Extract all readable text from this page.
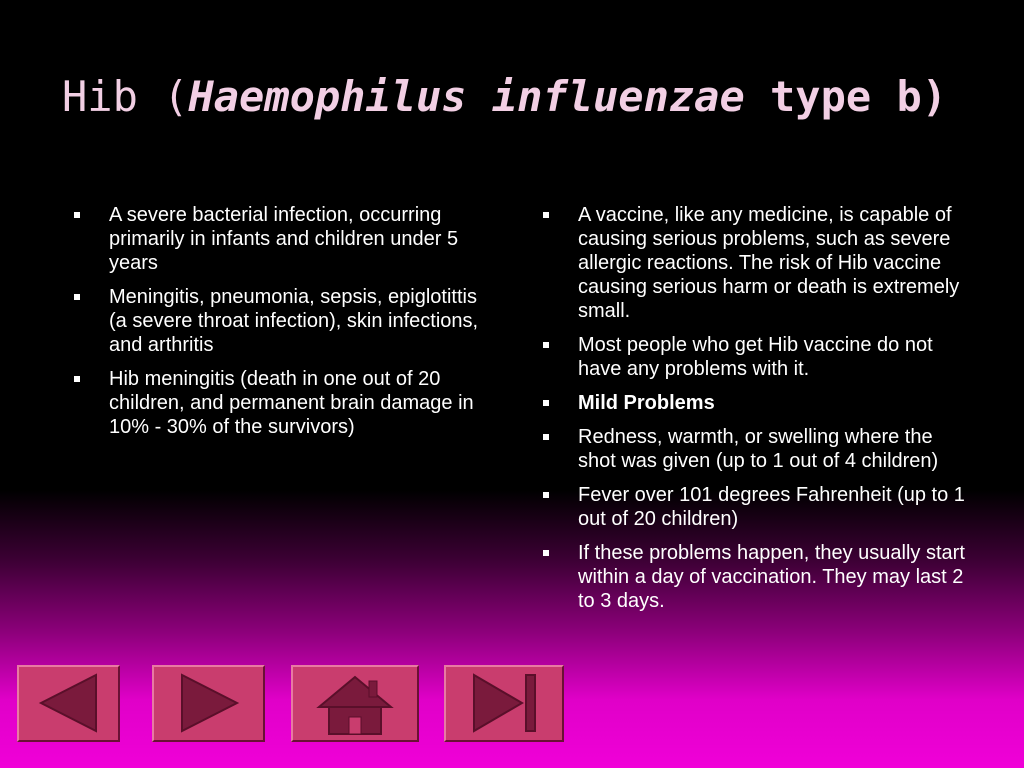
Hib (Haemophilus influenzae type b)
A severe bacterial infection, occurring primarily in infants and children under 5 years
Meningitis, pneumonia, sepsis, epiglotittis (a severe throat infection), skin infections, and arthritis
Hib meningitis (death in one out of 20 children, and permanent brain damage in 10% - 30% of the survivors)
A vaccine, like any medicine, is capable of causing serious problems, such as severe allergic reactions. The risk of Hib vaccine causing serious harm or death is extremely small.
Most people who get Hib vaccine do not have any problems with it.
Mild Problems
Redness, warmth, or swelling where the shot was given (up to 1 out of 4 children)
Fever over 101 degrees Fahrenheit (up to 1 out of 20 children)
If these problems happen, they usually start within a day of vaccination. They may last 2 to 3 days.
